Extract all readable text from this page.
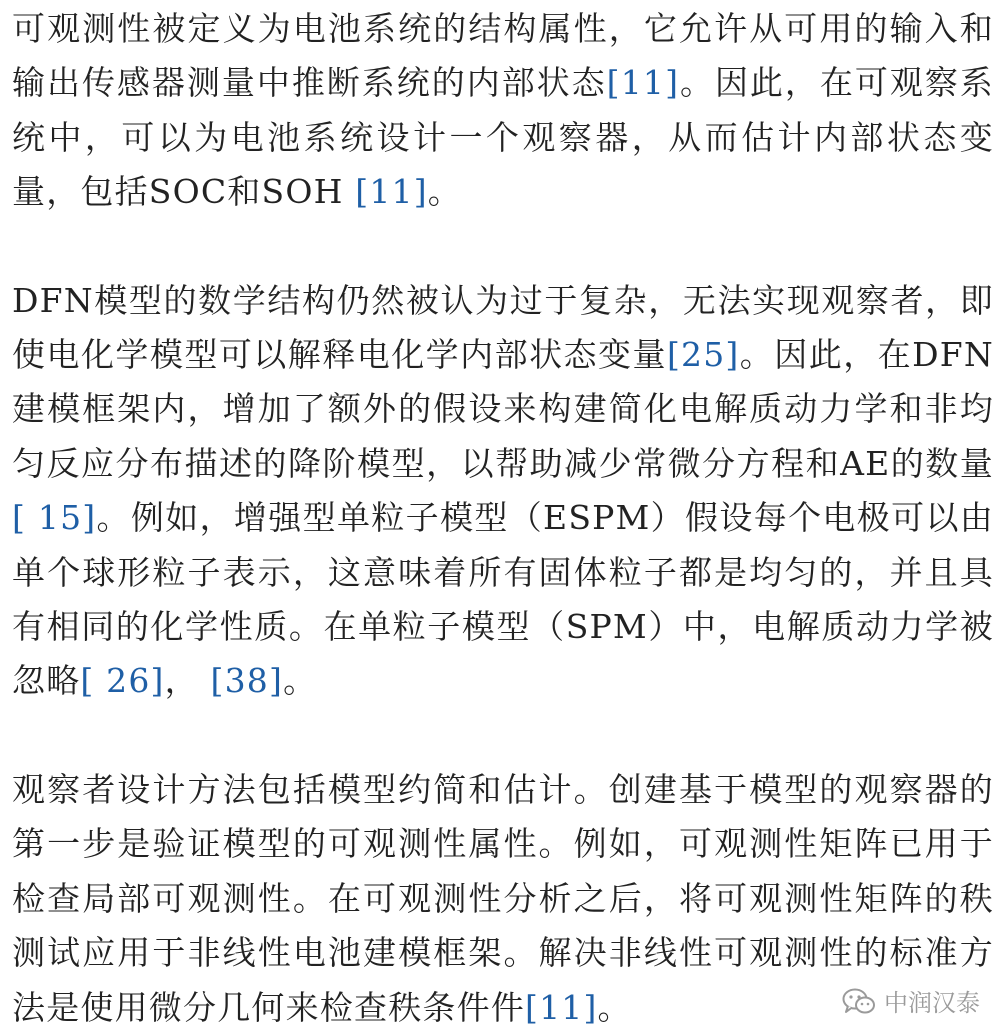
可观测性被定义为电池系统的结构属性，它允许从可用的输入和输出传感器测量中推断系统的内部状态[11]。因此，在可观察系统中，可以为电池系统设计一个观察器，从而估计内部状态变量，包括SOC和SOH [11]。

DFN模型的数学结构仍然被认为过于复杂，无法实现观察者，即使电化学模型可以解释电化学内部状态变量[25]。因此，在DFN建模框架内，增加了额外的假设来构建简化电解质动力学和非均匀反应分布描述的降阶模型，以帮助减少常微分方程和AE的数量[ 15]。例如，增强型单粒子模型（ESPM）假设每个电极可以由单个球形粒子表示，这意味着所有固体粒子都是均匀的，并且具有相同的化学性质。在单粒子模型（SPM）中，电解质动力学被忽略[ 26]， [38]。

观察者设计方法包括模型约简和估计。创建基于模型的观察器的第一步是验证模型的可观测性属性。例如，可观测性矩阵已用于检查局部可观测性。在可观测性分析之后，将可观测性矩阵的秩测试应用于非线性电池建模框架。解决非线性可观测性的标准方法是使用微分几何来检查秩条件件[11]。	中润汉泰
